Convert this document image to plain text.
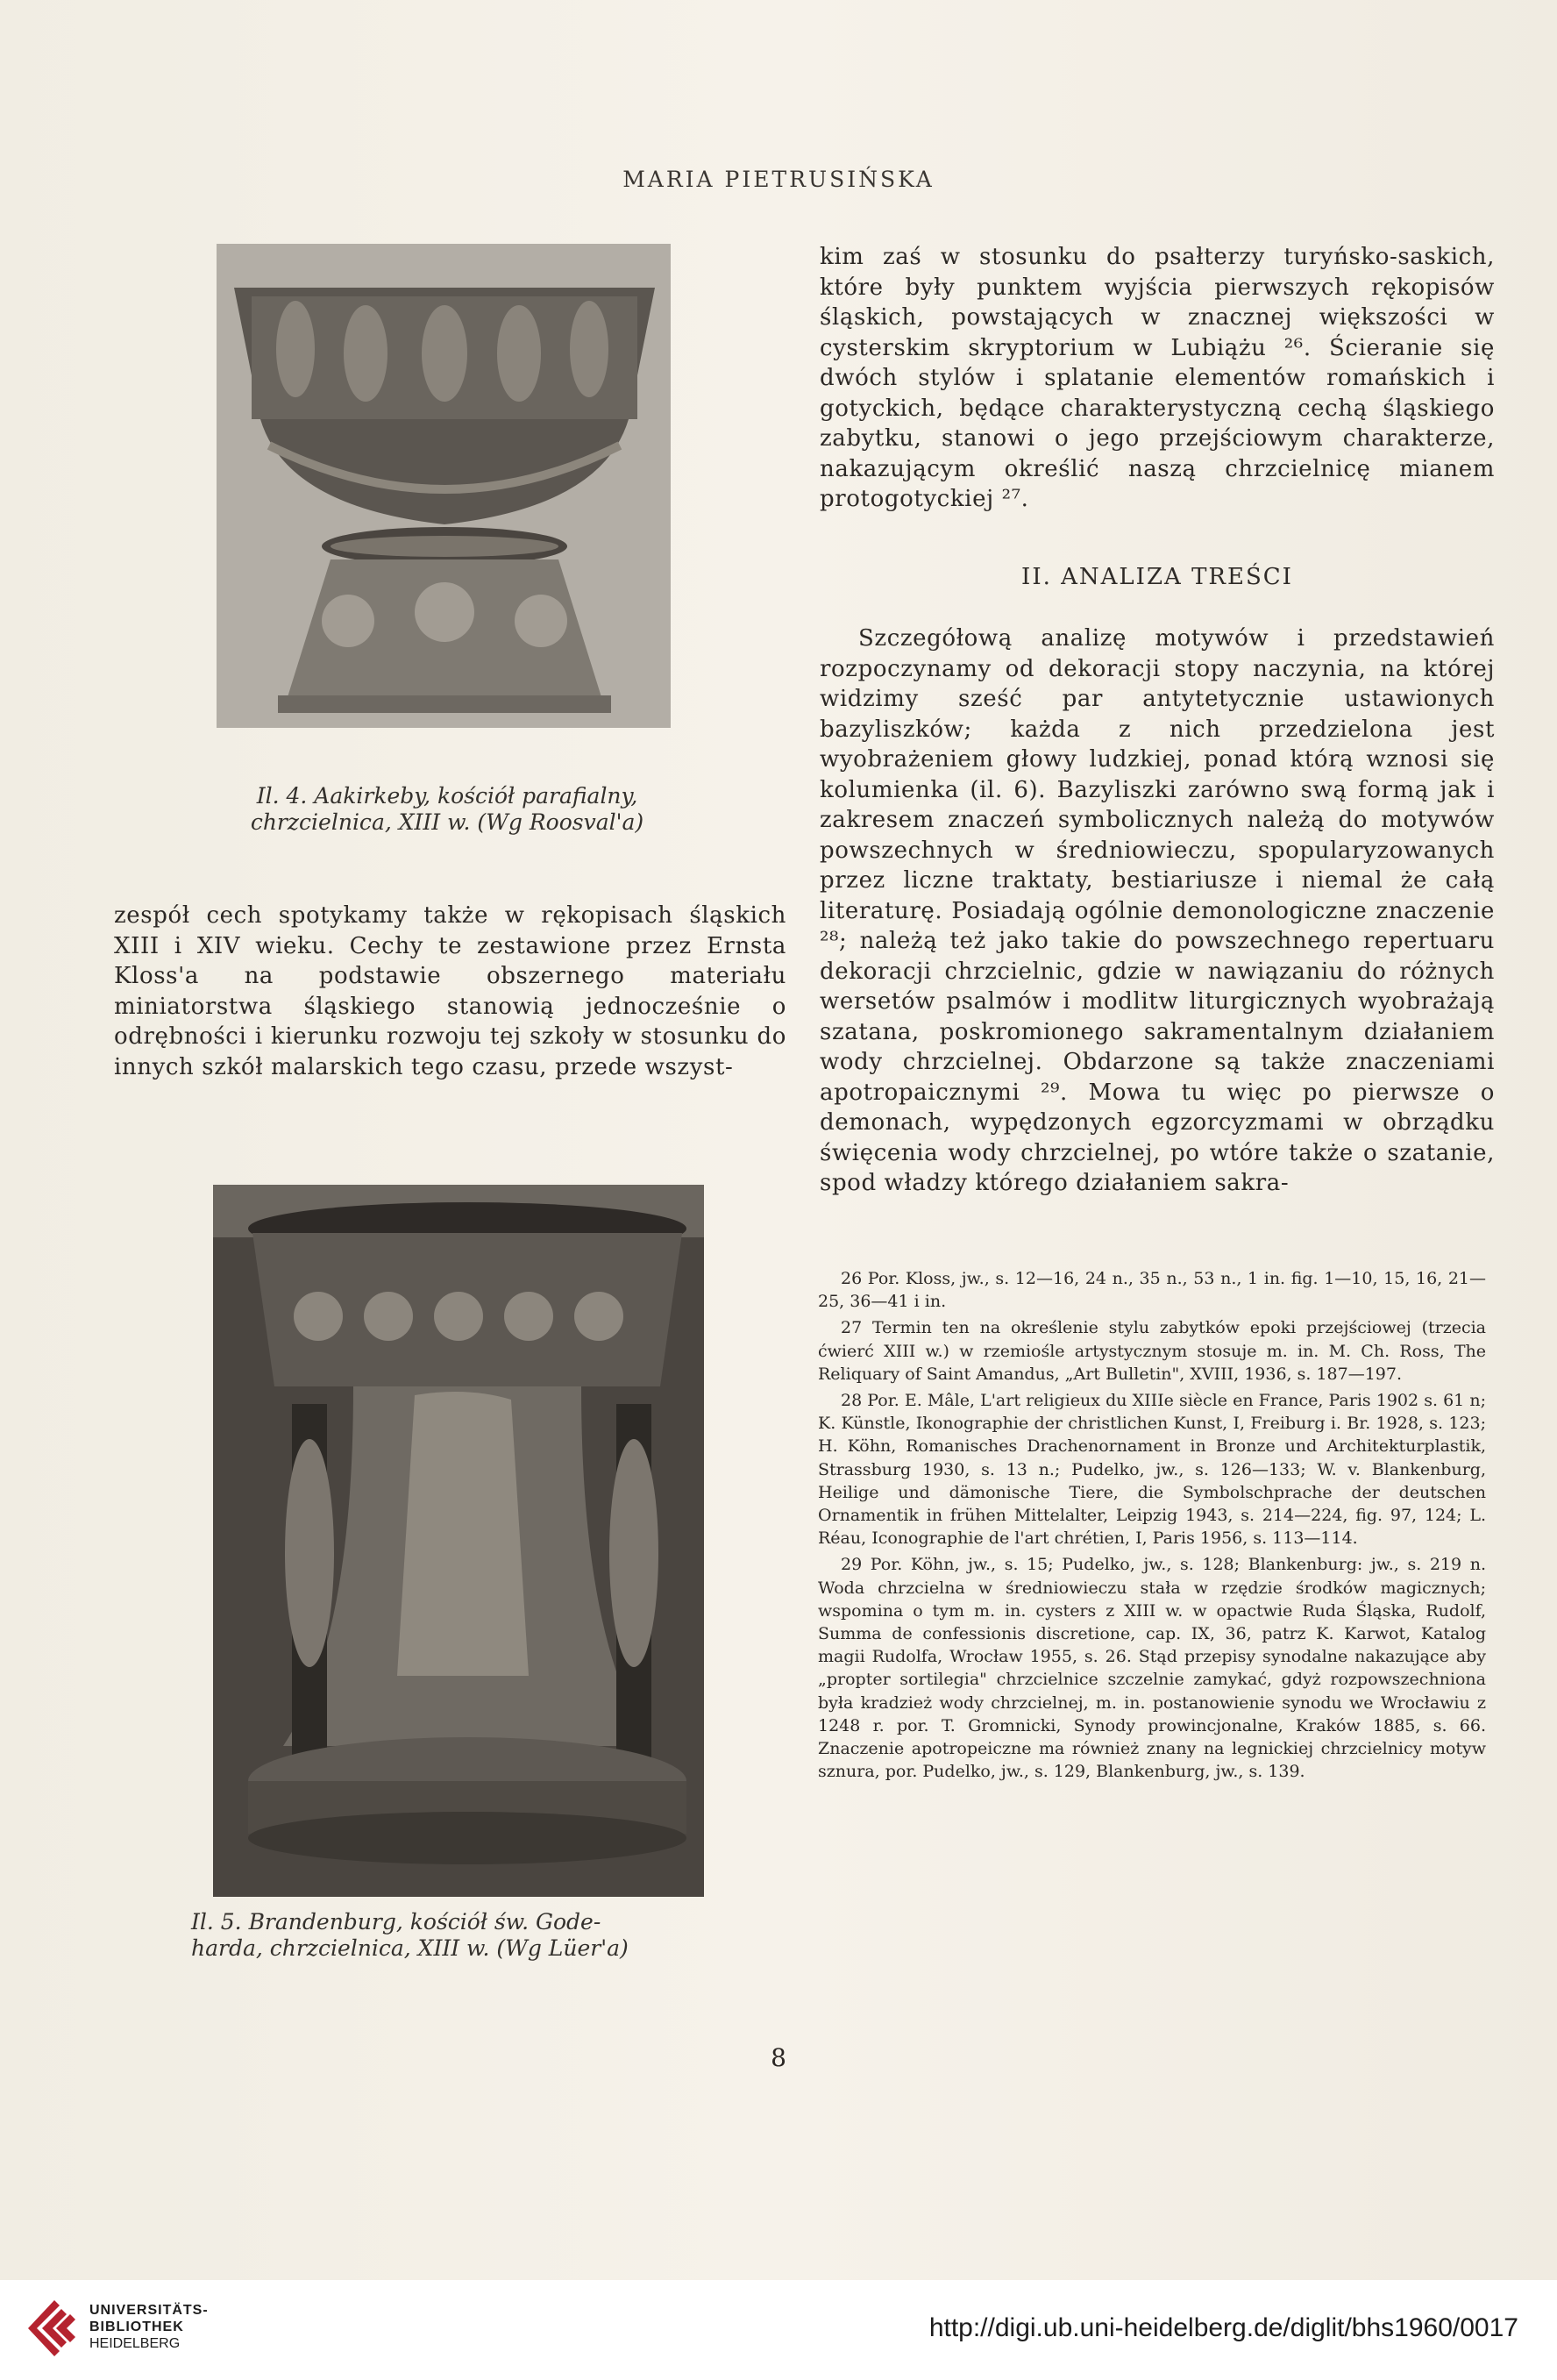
MARIA PIETRUSIŃSKA
Il. 4. Aakirkeby, kościół parafialny,
chrzcielnica, XIII w. (Wg Roosval'a)

zespół cech spotykamy także w rękopisach śląskich XIII i XIV wieku. Cechy te zestawione przez Ernsta Kloss'a na podstawie obszernego materiału miniatorstwa śląskiego stanowią jednocześnie o odrębności i kierunku rozwoju tej szkoły w stosunku do innych szkół malarskich tego czasu, przede wszyst-

Il. 5. Brandenburg, kościół św. Gode-
harda, chrzcielnica, XIII w. (Wg Lüer'a)

kim zaś w stosunku do psałterzy turyńsko-saskich, które były punktem wyjścia pierwszych rękopisów śląskich, powstających w znacznej większości w cysterskim skryptorium w Lubiążu ²⁶. Ścieranie się dwóch stylów i splatanie elementów romańskich i gotyckich, będące charakterystyczną cechą śląskiego zabytku, stanowi o jego przejściowym charakterze, nakazującym określić naszą chrzcielnicę mianem protogotyckiej ²⁷.

II. ANALIZA TREŚCI

Szczegółową analizę motywów i przedstawień rozpoczynamy od dekoracji stopy naczynia, na której widzimy sześć par antytetycznie ustawionych bazyliszków; każda z nich przedzielona jest wyobrażeniem głowy ludzkiej, ponad którą wznosi się kolumienka (il. 6). Bazyliszki zarówno swą formą jak i zakresem znaczeń symbolicznych należą do motywów powszechnych w średniowieczu, spopularyzowanych przez liczne traktaty, bestiariusze i niemal że całą literaturę. Posiadają ogólnie demonologiczne znaczenie ²⁸; należą też jako takie do powszechnego repertuaru dekoracji chrzcielnic, gdzie w nawiązaniu do różnych wersetów psalmów i modlitw liturgicznych wyobrażają szatana, poskromionego sakramentalnym działaniem wody chrzcielnej. Obdarzone są także znaczeniami apotropaicznymi ²⁹. Mowa tu więc po pierwsze o demonach, wypędzonych egzorcyzmami w obrządku święcenia wody chrzcielnej, po wtóre także o szatanie, spod władzy którego działaniem sakra-

26 Por. Kloss, jw., s. 12—16, 24 n., 35 n., 53 n., 1 in. fig. 1—10, 15, 16, 21—25, 36—41 i in.

27 Termin ten na określenie stylu zabytków epoki przejściowej (trzecia ćwierć XIII w.) w rzemiośle artystycznym stosuje m. in. M. Ch. Ross, The Reliquary of Saint Amandus, „Art Bulletin", XVIII, 1936, s. 187—197.

28 Por. E. Mâle, L'art religieux du XIIIe siècle en France, Paris 1902 s. 61 n; K. Künstle, Ikonographie der christlichen Kunst, I, Freiburg i. Br. 1928, s. 123; H. Köhn, Romanisches Drachenornament in Bronze und Architekturplastik, Strassburg 1930, s. 13 n.; Pudelko, jw., s. 126—133; W. v. Blankenburg, Heilige und dämonische Tiere, die Symbolschprache der deutschen Ornamentik in frühen Mittelalter, Leipzig 1943, s. 214—224, fig. 97, 124; L. Réau, Iconographie de l'art chrétien, I, Paris 1956, s. 113—114.

29 Por. Köhn, jw., s. 15; Pudelko, jw., s. 128; Blankenburg: jw., s. 219 n. Woda chrzcielna w średniowieczu stała w rzędzie środków magicznych; wspomina o tym m. in. cysters z XIII w. w opactwie Ruda Śląska, Rudolf, Summa de confessionis discretione, cap. IX, 36, patrz K. Karwot, Katalog magii Rudolfa, Wrocław 1955, s. 26. Stąd przepisy synodalne nakazujące aby „propter sortilegia" chrzcielnice szczelnie zamykać, gdyż rozpowszechniona była kradzież wody chrzcielnej, m. in. postanowienie synodu we Wrocławiu z 1248 r. por. T. Gromnicki, Synody prowincjonalne, Kraków 1885, s. 66. Znaczenie apotropeiczne ma również znany na legnickiej chrzcielnicy motyw sznura, por. Pudelko, jw., s. 129, Blankenburg, jw., s. 139.

8
UNIVERSITÄTS-
BIBLIOTHEK
HEIDELBERG
http://digi.ub.uni-heidelberg.de/diglit/bhs1960/0017
